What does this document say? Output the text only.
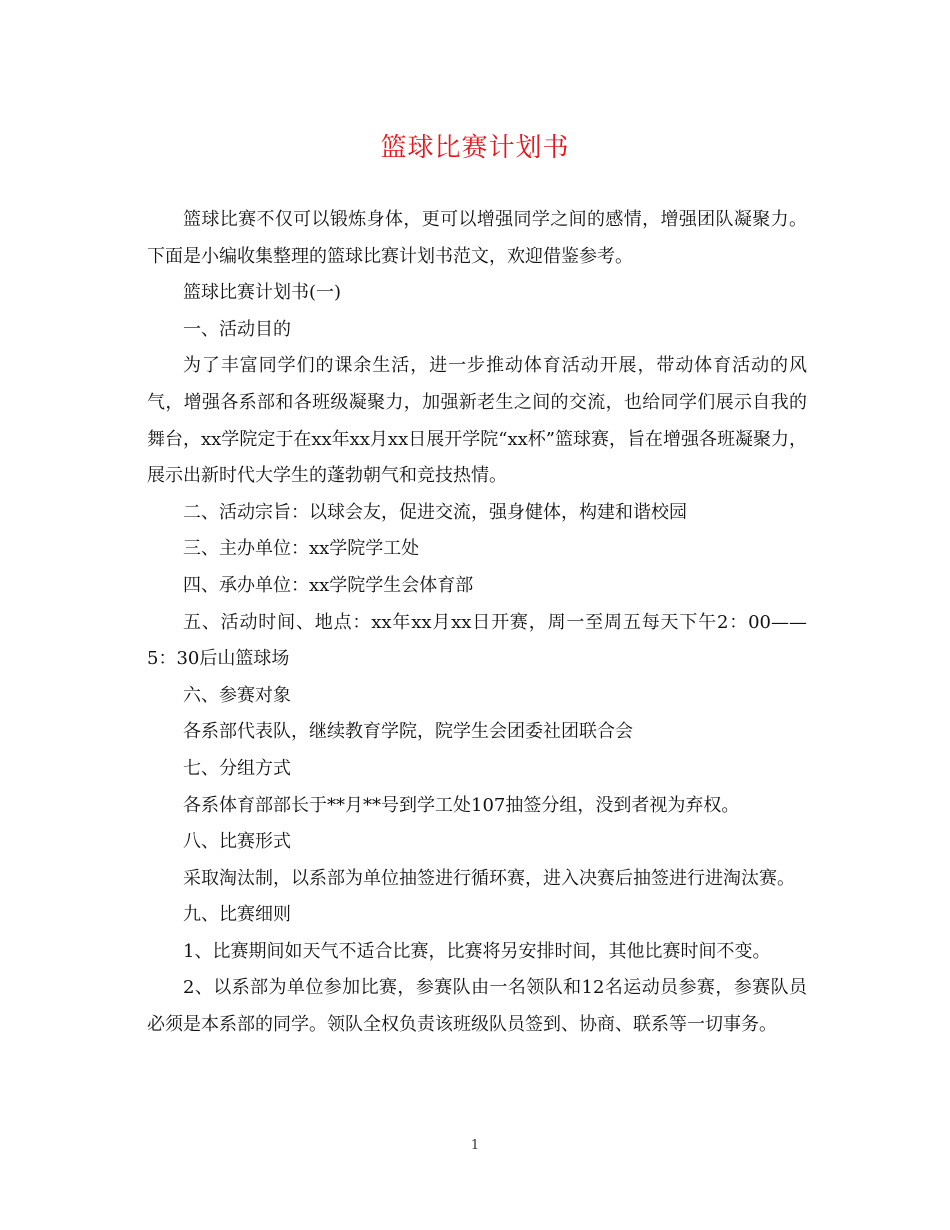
篮球比赛计划书

篮球比赛不仅可以锻炼身体，更可以增强同学之间的感情，增强团队凝聚力。下面是小编收集整理的篮球比赛计划书范文，欢迎借鉴参考。

篮球比赛计划书(一)

一、活动目的

为了丰富同学们的课余生活，进一步推动体育活动开展，带动体育活动的风气，增强各系部和各班级凝聚力，加强新老生之间的交流，也给同学们展示自我的舞台，xx学院定于在xx年xx月xx日展开学院“xx杯”篮球赛，旨在增强各班凝聚力，展示出新时代大学生的蓬勃朝气和竞技热情。

二、活动宗旨：以球会友，促进交流，强身健体，构建和谐校园

三、主办单位：xx学院学工处

四、承办单位：xx学院学生会体育部

五、活动时间、地点：xx年xx月xx日开赛，周一至周五每天下午2：00——5：30后山篮球场

六、参赛对象

各系部代表队，继续教育学院，院学生会团委社团联合会

七、分组方式

各系体育部部长于**月**号到学工处107抽签分组，没到者视为弃权。

八、比赛形式

采取淘汰制，以系部为单位抽签进行循环赛，进入决赛后抽签进行进淘汰赛。

九、比赛细则

1、比赛期间如天气不适合比赛，比赛将另安排时间，其他比赛时间不变。

2、以系部为单位参加比赛，参赛队由一名领队和12名运动员参赛，参赛队员必须是本系部的同学。领队全权负责该班级队员签到、协商、联系等一切事务。

1
